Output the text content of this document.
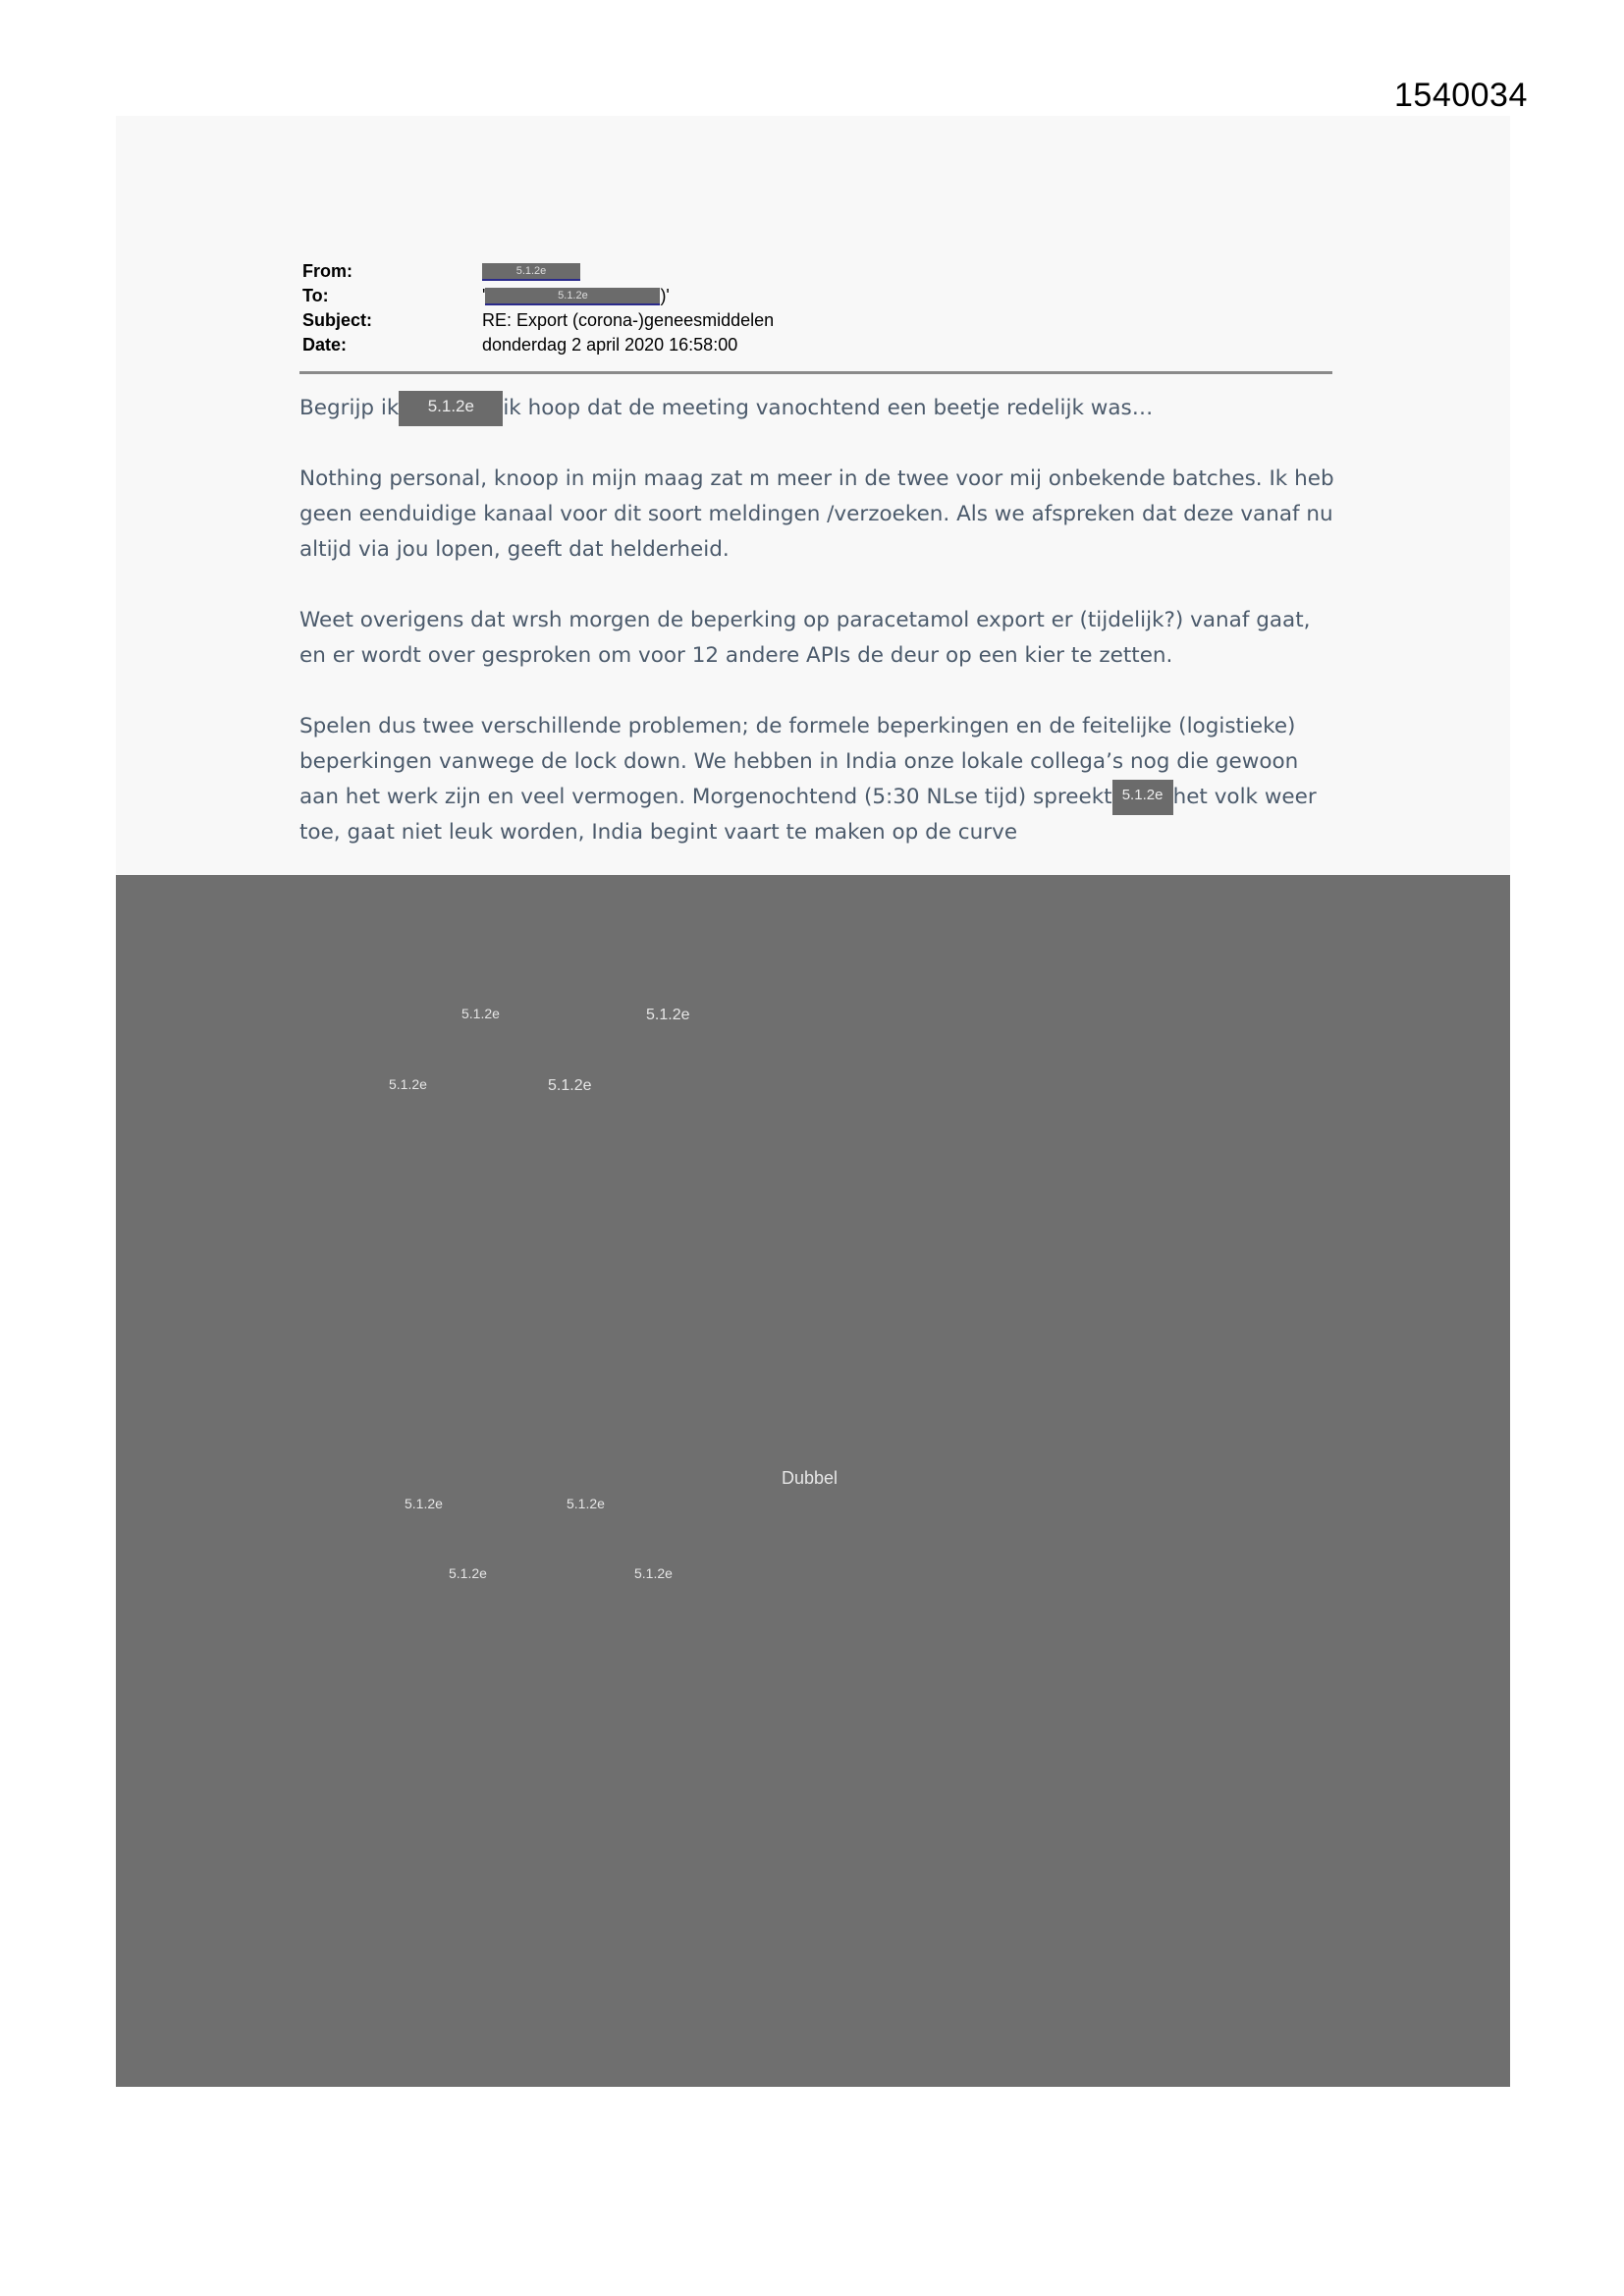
1540034
From:	5.1.2e
To:	'	5.1.2e	)'
Subject:	RE: Export (corona-)geneesmiddelen
Date:	donderdag 2 april 2020 16:58:00

Begrijp ik 5.1.2e ik hoop dat de meeting vanochtend een beetje redelijk was…

Nothing personal, knoop in mijn maag zat m meer in de twee voor mij onbekende batches. Ik heb geen eenduidige kanaal voor dit soort meldingen /verzoeken. Als we afspreken dat deze vanaf nu altijd via jou lopen, geeft dat helderheid.

Weet overigens dat wrsh morgen de beperking op paracetamol export er (tijdelijk?) vanaf gaat, en er wordt over gesproken om voor 12 andere APIs de deur op een kier te zetten.

Spelen dus twee verschillende problemen; de formele beperkingen en de feitelijke (logistieke) beperkingen vanwege de lock down. We hebben in India onze lokale collega’s nog die gewoon aan het werk zijn en veel vermogen. Morgenochtend (5:30 NLse tijd) spreekt 5.1.2e het volk weer toe, gaat niet leuk worden, India begint vaart te maken op de curve

5.1.2e	5.1.2e
5.1.2e	5.1.2e
Dubbel
5.1.2e	5.1.2e
5.1.2e	5.1.2e
